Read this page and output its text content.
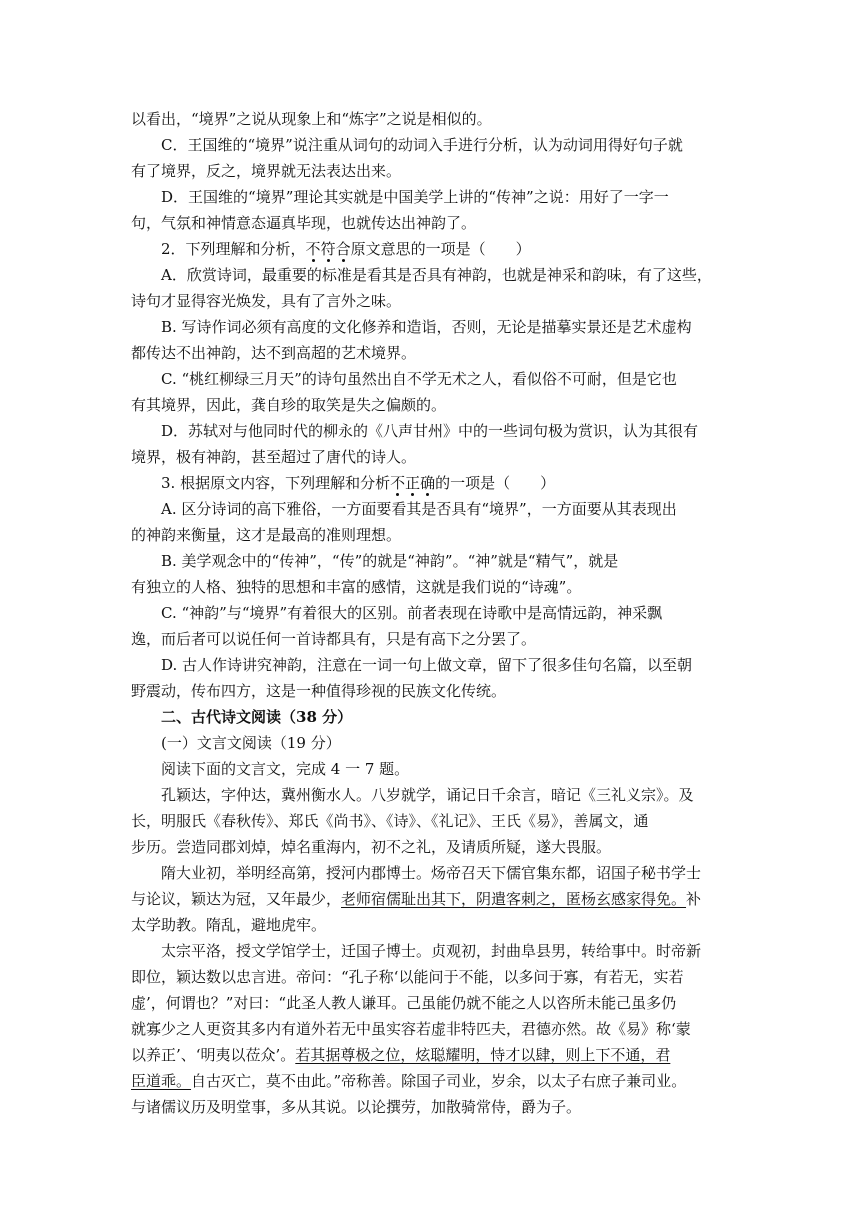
以看出，“境界”之说从现象上和“炼字”之说是相似的。

C．王国维的“境界”说注重从词句的动词入手进行分析，认为动词用得好句子就

有了境界，反之，境界就无法表达出来。

D．王国维的“境界”理论其实就是中国美学上讲的“传神”之说：用好了一字一

句，气氛和神情意态逼真毕现，也就传达出神韵了。

2．下列理解和分析，不符合原文意思的一项是（　　）

A．欣赏诗词，最重要的标准是看其是否具有神韵，也就是神采和韵味，有了这些，

诗句才显得容光焕发，具有了言外之味。

B. 写诗作词必须有高度的文化修养和造诣，否则，无论是描摹实景还是艺术虚构

都传达不出神韵，达不到高超的艺术境界。

C. “桃红柳绿三月天”的诗句虽然出自不学无术之人，看似俗不可耐，但是它也

有其境界，因此，龚自珍的取笑是失之偏颇的。

D．苏轼对与他同时代的柳永的《八声甘州》中的一些词句极为赏识，认为其很有

境界，极有神韵，甚至超过了唐代的诗人。

3. 根据原文内容，下列理解和分析不正确的一项是（　　）

A. 区分诗词的高下雅俗，一方面要看其是否具有“境界”，一方面要从其表现出

的神韵来衡量，这才是最高的准则理想。

B. 美学观念中的“传神”，“传”的就是“神韵”。“神”就是“精气”，就是

有独立的人格、独特的思想和丰富的感情，这就是我们说的“诗魂”。

C. “神韵”与“境界”有着很大的区别。前者表现在诗歌中是高情远韵，神采飘

逸，而后者可以说任何一首诗都具有，只是有高下之分罢了。

D. 古人作诗讲究神韵，注意在一词一句上做文章，留下了很多佳句名篇，以至朝

野震动，传布四方，这是一种值得珍视的民族文化传统。

二、古代诗文阅读（38 分）

(一）文言文阅读（19 分）

阅读下面的文言文，完成 4 一 7 题。

孔颖达，字仲达，冀州衡水人。八岁就学，诵记日千余言，暗记《三礼义宗》。及

长，明服氏《春秋传》、郑氏《尚书》、《诗》、《礼记》、王氏《易》，善属文，通

步历。尝造同郡刘焯，焯名重海内，初不之礼，及请质所疑，遂大畏服。

隋大业初，举明经高第，授河内郡博士。炀帝召天下儒官集东都，诏国子秘书学士

与论议，颖达为冠，又年最少，老师宿儒耻出其下，阴遣客刺之，匿杨玄感家得免。补

太学助教。隋乱，避地虎牢。

太宗平洛，授文学馆学士，迁国子博士。贞观初，封曲阜县男，转给事中。时帝新

即位，颖达数以忠言进。帝问：“孔子称‘以能问于不能，以多问于寡，有若无，实若

虚’，何谓也？”对曰：“此圣人教人谦耳。己虽能仍就不能之人以咨所未能己虽多仍

就寡少之人更资其多内有道外若无中虽实容若虚非特匹夫，君德亦然。故《易》称‘蒙

以养正’、‘明夷以莅众’。若其据尊极之位，炫聪耀明，恃才以肆，则上下不通，君

臣道乖。自古灭亡，莫不由此。”帝称善。除国子司业，岁余，以太子右庶子兼司业。

与诸儒议历及明堂事，多从其说。以论撰劳，加散骑常侍，爵为子。
